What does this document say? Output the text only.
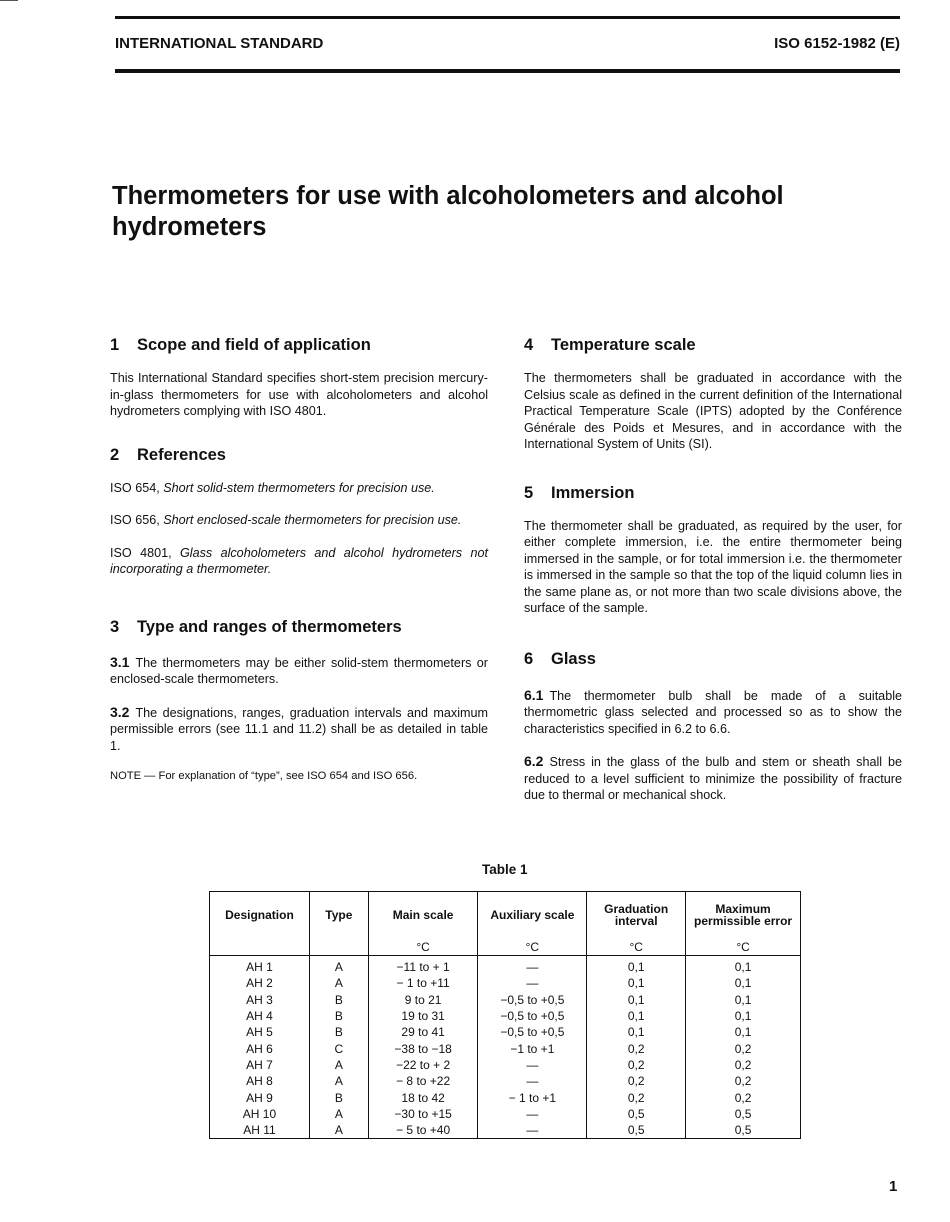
INTERNATIONAL STANDARD	ISO 6152-1982 (E)
Thermometers for use with alcoholometers and alcohol hydrometers
1 Scope and field of application

This International Standard specifies short-stem precision mercury-in-glass thermometers for use with alcoholometers and alcohol hydrometers complying with ISO 4801.

2 References

ISO 654, Short solid-stem thermometers for precision use.

ISO 656, Short enclosed-scale thermometers for precision use.

ISO 4801, Glass alcoholometers and alcohol hydrometers not incorporating a thermometer.

3 Type and ranges of thermometers

3.1 The thermometers may be either solid-stem thermometers or enclosed-scale thermometers.

3.2 The designations, ranges, graduation intervals and maximum permissible errors (see 11.1 and 11.2) shall be as detailed in table 1.

NOTE — For explanation of “type”, see ISO 654 and ISO 656.

4 Temperature scale

The thermometers shall be graduated in accordance with the Celsius scale as defined in the current definition of the International Practical Temperature Scale (IPTS) adopted by the Conférence Générale des Poids et Mesures, and in accordance with the International System of Units (SI).

5 Immersion

The thermometer shall be graduated, as required by the user, for either complete immersion, i.e. the entire thermometer being immersed in the sample, or for total immersion i.e. the thermometer is immersed in the sample so that the top of the liquid column lies in the same plane as, or not more than two scale divisions above, the surface of the sample.

6 Glass

6.1 The thermometer bulb shall be made of a suitable thermometric glass selected and processed so as to show the characteristics specified in 6.2 to 6.6.

6.2 Stress in the glass of the bulb and stem or sheath shall be reduced to a level sufficient to minimize the possibility of fracture due to thermal or mechanical shock.

Table 1
Designation	Type	Main scale	Auxiliary scale	Graduation interval	Maximum permissible error
		°C	°C	°C	°C
AH 1	A	−11 to + 1	—	0,1	0,1
AH 2	A	− 1 to +11	—	0,1	0,1
AH 3	B	9 to 21	−0,5 to +0,5	0,1	0,1
AH 4	B	19 to 31	−0,5 to +0,5	0,1	0,1
AH 5	B	29 to 41	−0,5 to +0,5	0,1	0,1
AH 6	C	−38 to −18	−1 to +1	0,2	0,2
AH 7	A	−22 to + 2	—	0,2	0,2
AH 8	A	− 8 to +22	—	0,2	0,2
AH 9	B	18 to 42	− 1 to +1	0,2	0,2
AH 10	A	−30 to +15	—	0,5	0,5
AH 11	A	− 5 to +40	—	0,5	0,5
1
